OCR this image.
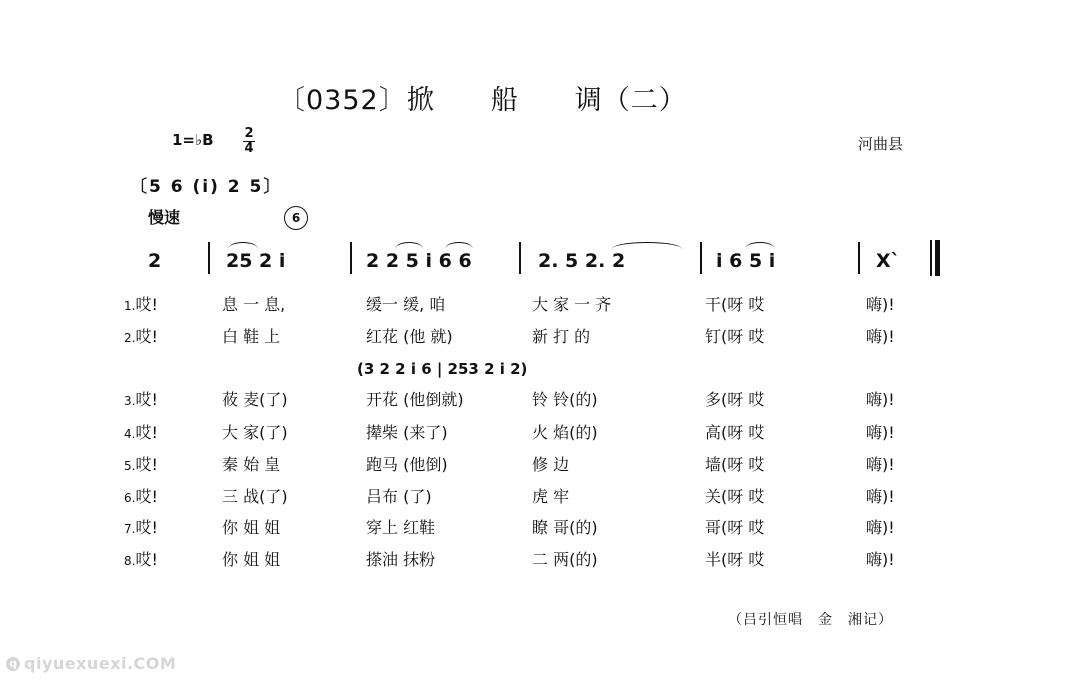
〔0352〕掀　　船　　调（二）
1=♭B 2
4	河曲县
〔5 6 (i) 2 5〕
慢速	6
2	25 2 i	2 2 5 i 6 6	2. 5 2. 2	i 6 5 i	X`
(3 2 2 i 6 | 253 2 i 2)
1.哎!	息 一 息,	缓一 缓, 咱	大 家 一 齐	干(呀 哎	嗨)!
2.哎!	白 鞋 上	红花 (他 就)	新 打 的	钉(呀 哎	嗨)!
3.哎!	莜 麦(了)	开花 (他倒就)	铃 铃(的)	多(呀 哎	嗨)!
4.哎!	大 家(了)	撵柴 (来了)	火 焰(的)	高(呀 哎	嗨)!
5.哎!	秦 始 皇	跑马 (他倒)	修 边	墙(呀 哎	嗨)!
6.哎!	三 战(了)	吕布 (了)	虎 牢	关(呀 哎	嗨)!
7.哎!	你 姐 姐	穿上 红鞋	瞭 哥(的)	哥(呀 哎	嗨)!
8.哎!	你 姐 姐	搽油 抹粉	二 两(的)	半(呀 哎	嗨)!
（吕引恒唱　金　湘记）
q qiyuexuexi.COM
